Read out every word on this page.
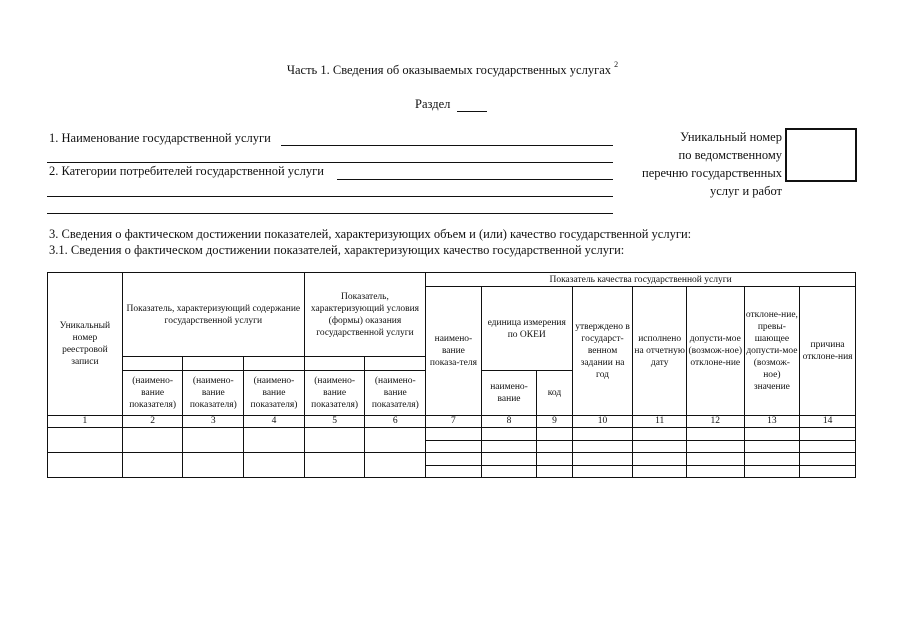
Часть 1. Сведения об оказываемых государственных услугах $^2$
Раздел
1. Наименование государственной услуги
2. Категории потребителей государственной услуги
Уникальный номер
по ведомственному
перечню государственных
услуг и работ
3. Сведения о фактическом достижении показателей, характеризующих объем и (или) качество государственной услуги:
3.1. Сведения о фактическом достижении показателей, характеризующих качество государственной услуги:
Уникальный номер реестровой записи	Показатель, характеризующий содержание государственной услуги			Показатель, характеризующий условия (формы) оказания государственной услуги		Показатель качества государственной услуги							
						наимено-вание показа-теля	единица измерения по ОКЕИ		утверждено в государст-венном задании на год	исполнено на отчетную дату	допусти-мое (возмож-ное) отклоне-ние	отклоне-ние, превы-шающее допусти-мое (возмож-ное) значение	причина отклоне-ния

	(наимено-вание показателя)	(наимено-вание показателя)	(наимено-вание показателя)	(наимено-вание показателя)	(наимено-вание показателя)		наимено-вание	код					
1	2	3	4	5	6	7	8	9	10	11	12	13	14
